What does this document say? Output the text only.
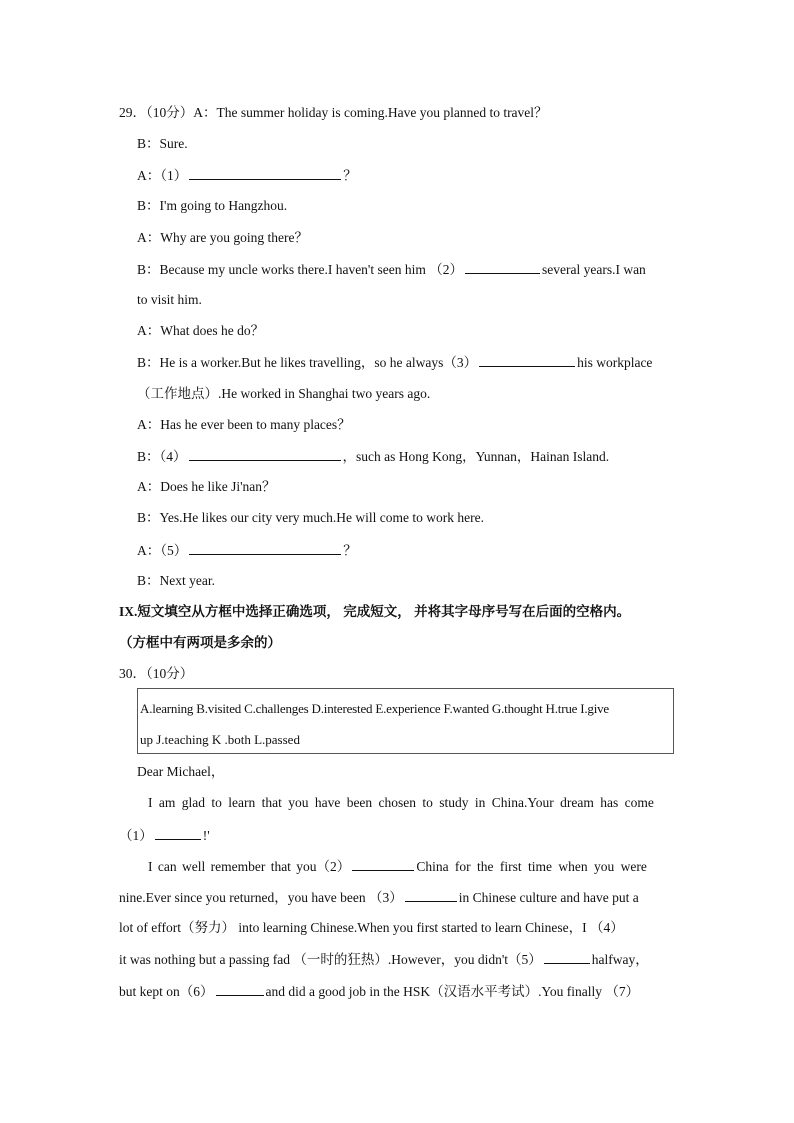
29．（10分）A：The summer holiday is coming.Have you planned to travel？
B：Sure.
A：（1）	？
B：I'm going to Hangzhou.
A：Why are you going there？
B：Because my uncle works there.I haven't seen him （2）	several years.I wan
to visit him.
A：What does he do？
B：He is a worker.But he likes travelling，so he always（3）	his workplace
（工作地点）.He worked in Shanghai two years ago.
A：Has he ever been to many places？
B：（4）	，such as Hong Kong，Yunnan，Hainan Island.
A：Does he like Ji'nan？
B：Yes.He likes our city very much.He will come to work here.
A：（5）	？
B：Next year.
IX.短文填空从方框中选择正确选项， 完成短文， 并将其字母序号写在后面的空格内。
（方框中有两项是多余的）
30．（10分）
A.learning B.visited C.challenges D.interested E.experience F.wanted G.thought H.true I.give
up J.teaching K .both L.passed
Dear Michael，
I am glad to learn that you have been chosen to study in China.Your dream has come
（1）	!'
I can well remember that you（2）	China for the first time when you were
nine.Ever since you returned，you have been （3）	in Chinese culture and have put a
lot of effort（努力） into learning Chinese.When you first started to learn Chinese，I （4）
it was nothing but a passing fad （一时的狂热）.However，you didn't（5）	halfway，
but kept on（6）	and did a good job in the HSK（汉语水平考试）.You finally （7）
